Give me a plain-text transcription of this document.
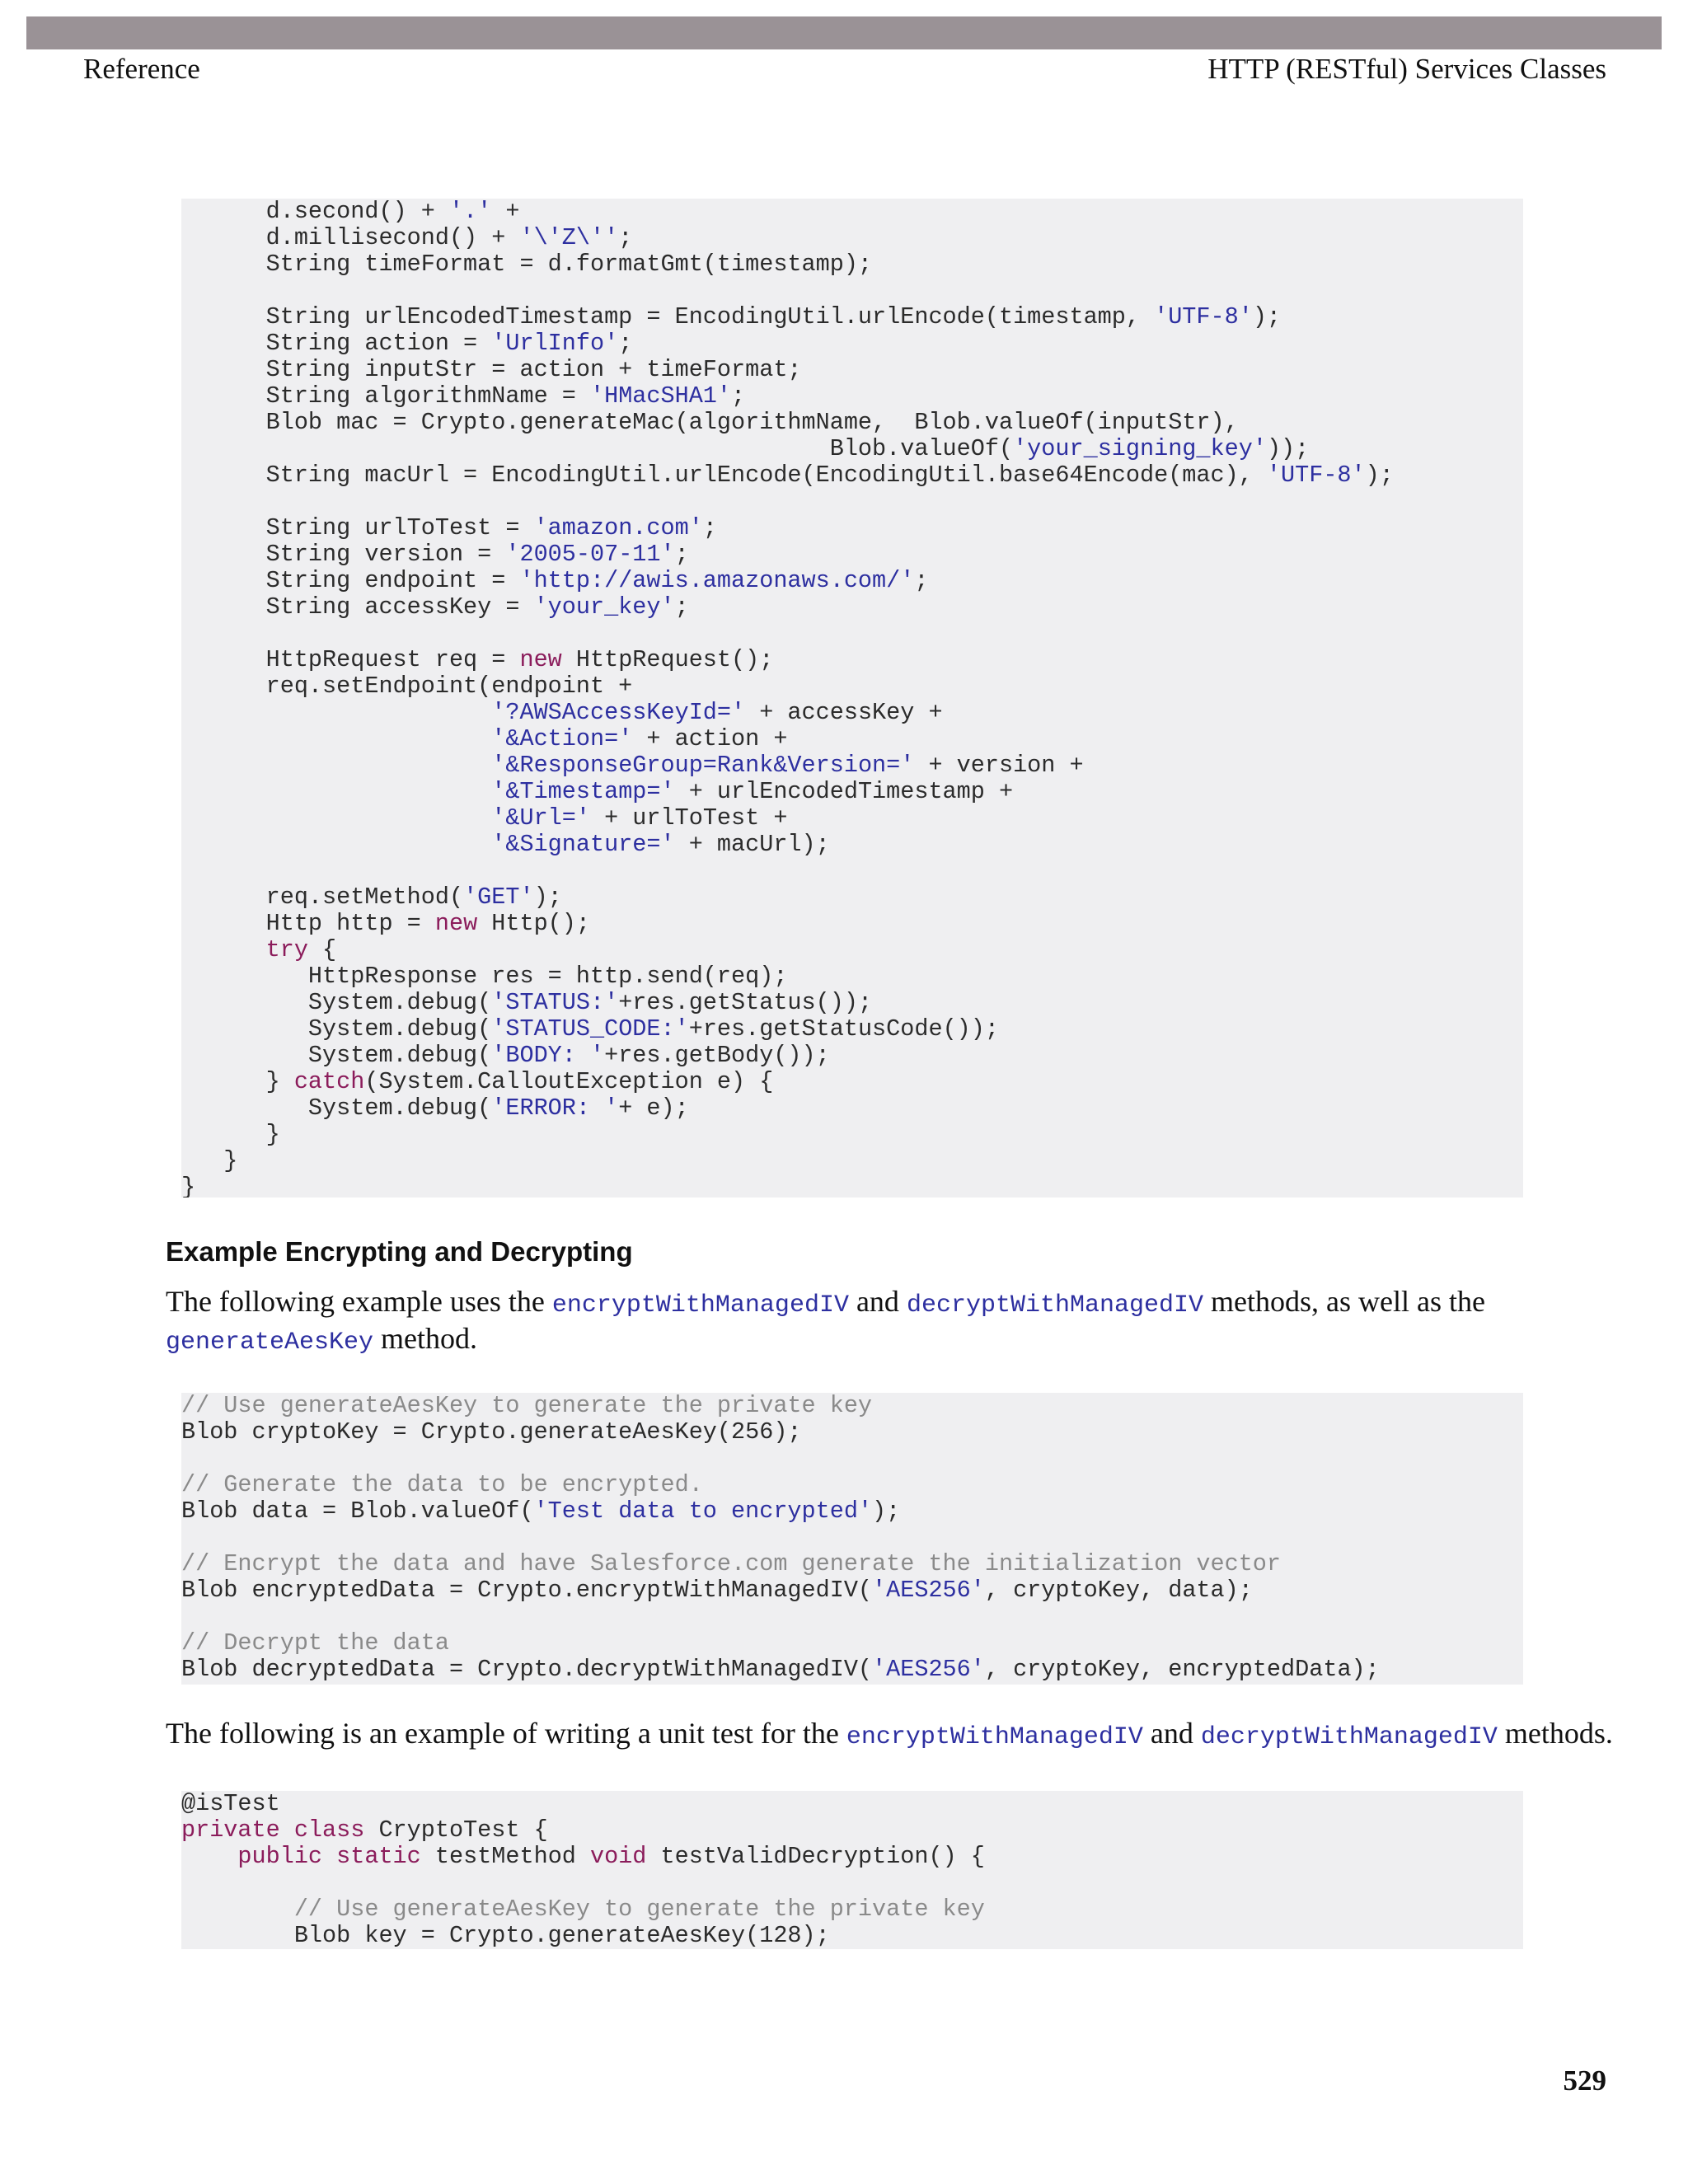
Reference	HTTP (RESTful) Services Classes
d.second() + '.' +
d.millisecond() + '\'Z\'';
String timeFormat = d.formatGmt(timestamp);
String urlEncodedTimestamp = EncodingUtil.urlEncode(timestamp, 'UTF-8');
String action = 'UrlInfo';
String inputStr = action + timeFormat;
String algorithmName = 'HMacSHA1';
Blob mac = Crypto.generateMac(algorithmName,  Blob.valueOf(inputStr),
Blob.valueOf('your_signing_key'));
String macUrl = EncodingUtil.urlEncode(EncodingUtil.base64Encode(mac), 'UTF-8');
String urlToTest = 'amazon.com';
String version = '2005-07-11';
String endpoint = 'http://awis.amazonaws.com/';
String accessKey = 'your_key';
HttpRequest req = new HttpRequest();
req.setEndpoint(endpoint +
'?AWSAccessKeyId=' + accessKey +
'&Action=' + action +
'&ResponseGroup=Rank&Version=' + version +
'&Timestamp=' + urlEncodedTimestamp +
'&Url=' + urlToTest +
'&Signature=' + macUrl);
req.setMethod('GET');
Http http = new Http();
try {
HttpResponse res = http.send(req);
System.debug('STATUS:'+res.getStatus());
System.debug('STATUS_CODE:'+res.getStatusCode());
System.debug('BODY: '+res.getBody());
} catch(System.CalloutException e) {
System.debug('ERROR: '+ e);
}
}
}
Example Encrypting and Decrypting
The following example uses the encryptWithManagedIV and decryptWithManagedIV methods, as well as the generateAesKey method.
// Use generateAesKey to generate the private key
Blob cryptoKey = Crypto.generateAesKey(256);
// Generate the data to be encrypted.
Blob data = Blob.valueOf('Test data to encrypted');
// Encrypt the data and have Salesforce.com generate the initialization vector
Blob encryptedData = Crypto.encryptWithManagedIV('AES256', cryptoKey, data);
// Decrypt the data
Blob decryptedData = Crypto.decryptWithManagedIV('AES256', cryptoKey, encryptedData);
The following is an example of writing a unit test for the encryptWithManagedIV and decryptWithManagedIV methods.
@isTest
private class CryptoTest {
public static testMethod void testValidDecryption() {
// Use generateAesKey to generate the private key
Blob key = Crypto.generateAesKey(128);
529
